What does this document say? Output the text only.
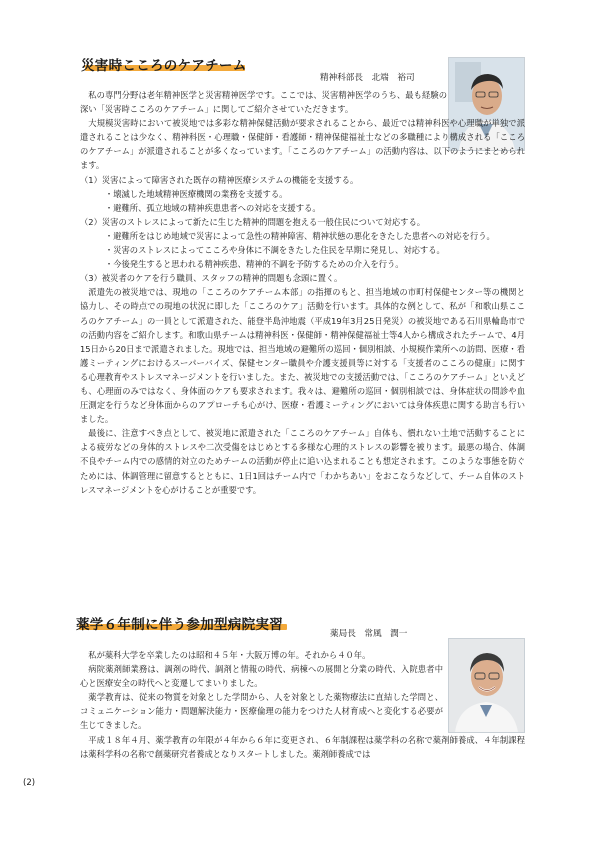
災害時こころのケアチーム
精神科部長　北端　裕司

私の専門分野は老年精神医学と災害精神医学です。ここでは、災害精神医学のうち、最も経験の深い「災害時こころのケアチーム」に関してご紹介させていただきます。

大規模災害時において被災地では多彩な精神保健活動が要求されることから、最近では精神科医や心理職が単独で派遣されることは少なく、精神科医・心理職・保健師・看護師・精神保健福祉士などの多職種により構成される「こころのケアチーム」が派遣されることが多くなっています。「こころのケアチーム」の活動内容は、以下のようにまとめられます。

（1）災害によって障害された既存の精神医療システムの機能を支援する。

・壊滅した地域精神医療機関の業務を支援する。

・避難所、孤立地域の精神疾患患者への対応を支援する。

（2）災害のストレスによって新たに生じた精神的問題を抱える一般住民について対応する。

・避難所をはじめ地域で災害によって急性の精神障害、精神状態の悪化をきたした患者への対応を行う。

・災害のストレスによってこころや身体に不調をきたした住民を早期に発見し、対応する。

・今後発生すると思われる精神疾患、精神的不調を予防するための介入を行う。

（3）被災者のケアを行う職員、スタッフの精神的問題も念頭に置く。

派遣先の被災地では、現地の「こころのケアチーム本部」の指揮のもと、担当地域の市町村保健センター等の機関と協力し、その時点での現地の状況に即した「こころのケア」活動を行います。具体的な例として、私が「和歌山県こころのケアチーム」の一員として派遣された、能登半島沖地震（平成19年3月25日発災）の被災地である石川県輪島市での活動内容をご紹介します。和歌山県チームは精神科医・保健師・精神保健福祉士等4人から構成されたチームで、4月15日から20日まで派遣されました。現地では、担当地域の避難所の巡回・個別相談、小規模作業所への訪問、医療・看護ミーティングにおけるスーパーバイズ、保健センター職員や介護支援員等に対する「支援者のこころの健康」に関する心理教育やストレスマネージメントを行いました。また、被災地での支援活動では、「こころのケアチーム」といえども、心理面のみではなく、身体面のケアも要求されます。我々は、避難所の巡回・個別相談では、身体症状の問診や血圧測定を行うなど身体面からのアプローチも心がけ、医療・看護ミーティングにおいては身体疾患に関する助言も行いました。

最後に、注意すべき点として、被災地に派遣された「こころのケアチーム」自体も、慣れない土地で活動することによる疲労などの身体的ストレスや二次受傷をはじめとする多様な心理的ストレスの影響を被ります。最悪の場合、体調不良やチーム内での感情的対立のためチームの活動が停止に追い込まれることも想定されます。このような事態を防ぐためには、体調管理に留意するとともに、1日1回はチーム内で「わかちあい」をおこなうなどして、チーム自体のストレスマネージメントを心がけることが重要です。

薬学６年制に伴う参加型病院実習
薬局長　常風　潤一

私が薬科大学を卒業したのは昭和４５年・大阪万博の年。それから４０年。

病院薬剤師業務は、調剤の時代、調剤と情報の時代、病棟への展開と分業の時代、入院患者中心と医療安全の時代へと変遷してまいりました。

薬学教育は、従来の物質を対象とした学問から、人を対象とした薬物療法に直結した学問と、コミュニケーション能力・問題解決能力・医療倫理の能力をつけた人材育成へと変化する必要が生じてきました。

平成１８年４月、薬学教育の年限が４年から６年に変更され、６年制課程は薬学科の名称で薬剤師養成、４年制課程は薬科学科の名称で創薬研究者養成となりスタートしました。薬剤師養成では

(2)
